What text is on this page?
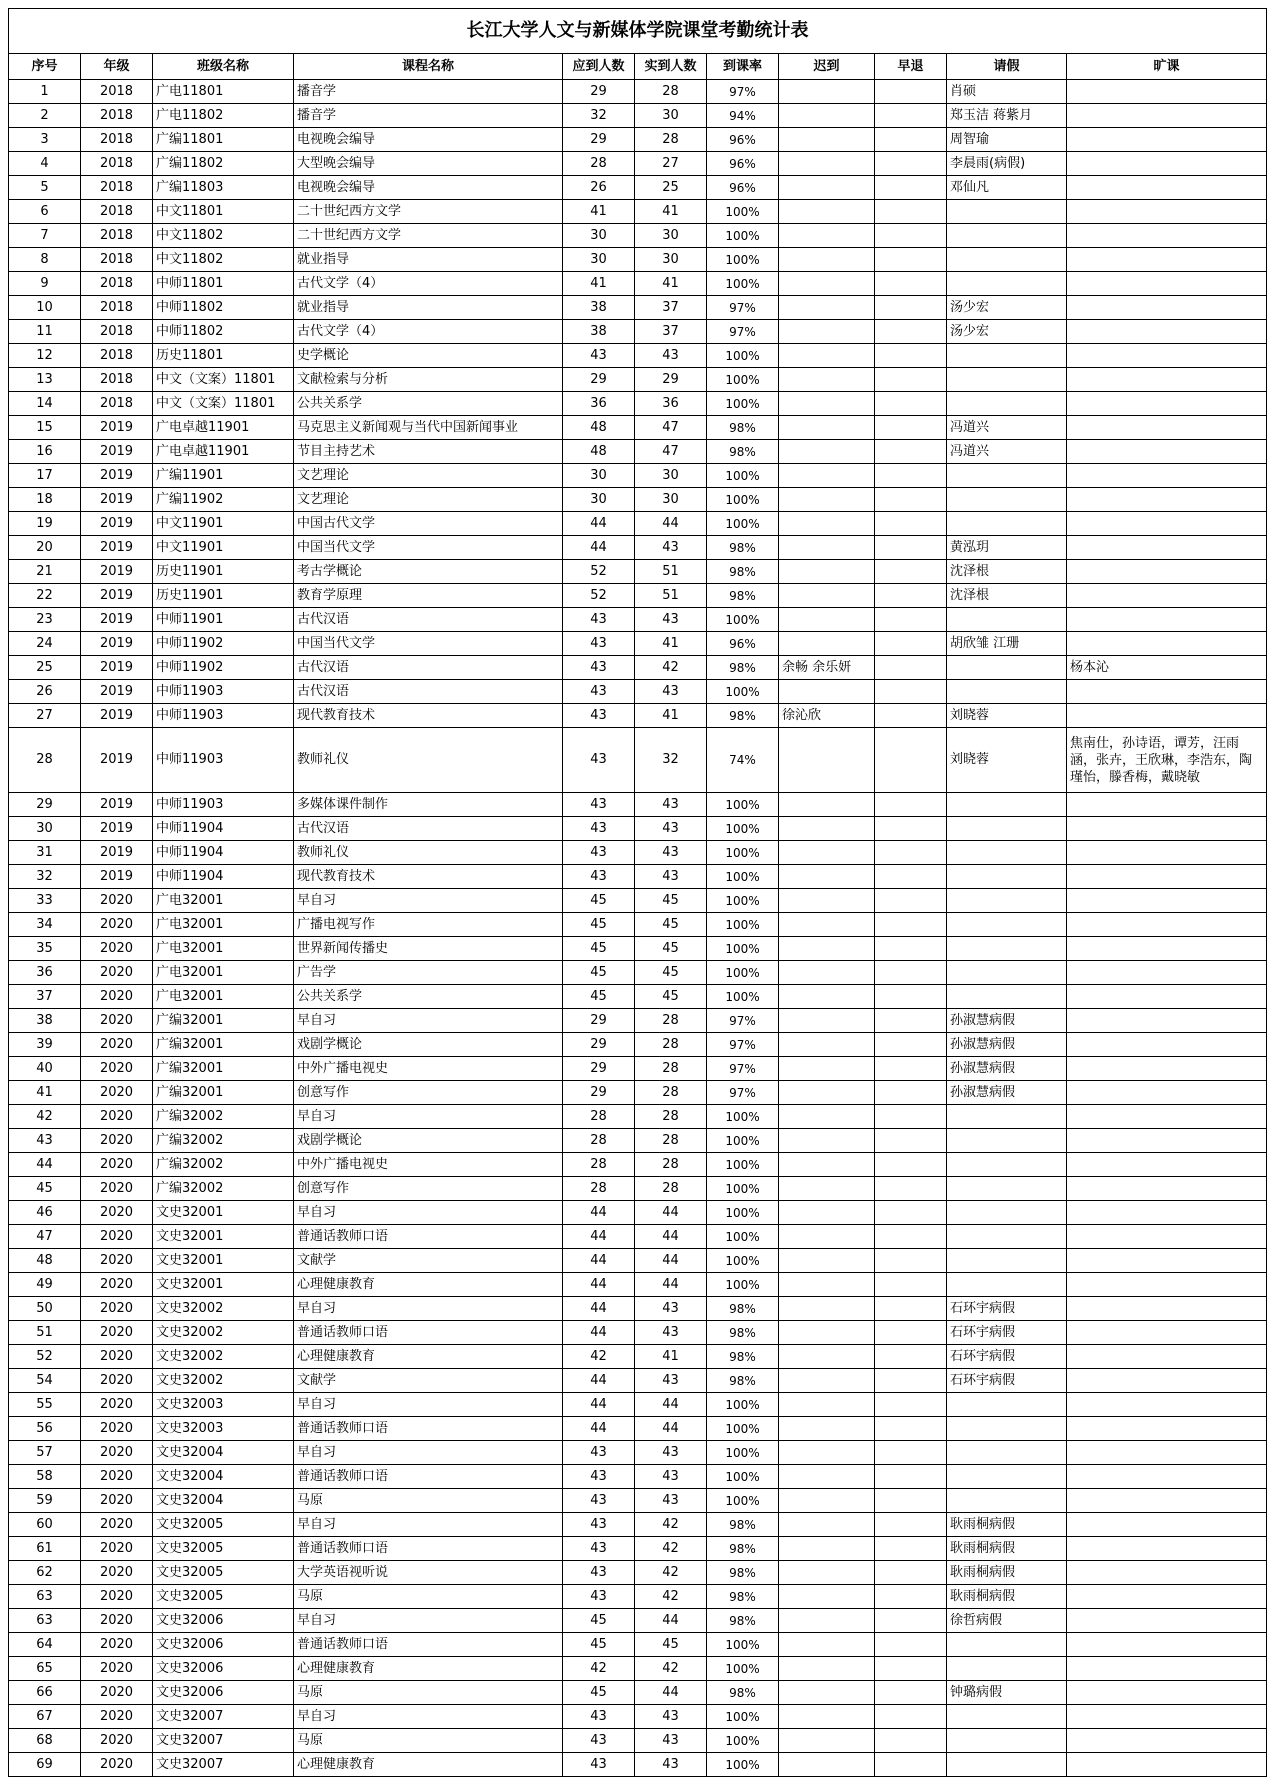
长江大学人文与新媒体学院课堂考勤统计表										
序号	年级	班级名称	课程名称	应到人数	实到人数	到课率	迟到	早退	请假	旷课
1	2018	广电11801	播音学	29	28	97%			肖硕	
2	2018	广电11802	播音学	32	30	94%			郑玉洁 蒋紫月	
3	2018	广编11801	电视晚会编导	29	28	96%			周智瑜	
4	2018	广编11802	大型晚会编导	28	27	96%			李晨雨(病假)	
5	2018	广编11803	电视晚会编导	26	25	96%			邓仙凡	
6	2018	中文11801	二十世纪西方文学	41	41	100%				
7	2018	中文11802	二十世纪西方文学	30	30	100%				
8	2018	中文11802	就业指导	30	30	100%				
9	2018	中师11801	古代文学（4）	41	41	100%				
10	2018	中师11802	就业指导	38	37	97%			汤少宏	
11	2018	中师11802	古代文学（4）	38	37	97%			汤少宏	
12	2018	历史11801	史学概论	43	43	100%				
13	2018	中文（文案）11801	文献检索与分析	29	29	100%				
14	2018	中文（文案）11801	公共关系学	36	36	100%				
15	2019	广电卓越11901	马克思主义新闻观与当代中国新闻事业	48	47	98%			冯道兴	
16	2019	广电卓越11901	节目主持艺术	48	47	98%			冯道兴	
17	2019	广编11901	文艺理论	30	30	100%				
18	2019	广编11902	文艺理论	30	30	100%				
19	2019	中文11901	中国古代文学	44	44	100%				
20	2019	中文11901	中国当代文学	44	43	98%			黄泓玥	
21	2019	历史11901	考古学概论	52	51	98%			沈泽根	
22	2019	历史11901	教育学原理	52	51	98%			沈泽根	
23	2019	中师11901	古代汉语	43	43	100%				
24	2019	中师11902	中国当代文学	43	41	96%			胡欣雏 江珊	
25	2019	中师11902	古代汉语	43	42	98%	余畅 余乐妍			杨本沁
26	2019	中师11903	古代汉语	43	43	100%				
27	2019	中师11903	现代教育技术	43	41	98%	徐沁欣		刘晓蓉	
28	2019	中师11903	教师礼仪	43	32	74%			刘晓蓉	焦南仕，孙诗语，谭芳，汪雨涵，张卉，王欣琳，李浩东，陶瑾怡，滕香梅，戴晓敏
29	2019	中师11903	多媒体课件制作	43	43	100%				
30	2019	中师11904	古代汉语	43	43	100%				
31	2019	中师11904	教师礼仪	43	43	100%				
32	2019	中师11904	现代教育技术	43	43	100%				
33	2020	广电32001	早自习	45	45	100%				
34	2020	广电32001	广播电视写作	45	45	100%				
35	2020	广电32001	世界新闻传播史	45	45	100%				
36	2020	广电32001	广告学	45	45	100%				
37	2020	广电32001	公共关系学	45	45	100%				
38	2020	广编32001	早自习	29	28	97%			孙淑慧病假	
39	2020	广编32001	戏剧学概论	29	28	97%			孙淑慧病假	
40	2020	广编32001	中外广播电视史	29	28	97%			孙淑慧病假	
41	2020	广编32001	创意写作	29	28	97%			孙淑慧病假	
42	2020	广编32002	早自习	28	28	100%				
43	2020	广编32002	戏剧学概论	28	28	100%				
44	2020	广编32002	中外广播电视史	28	28	100%				
45	2020	广编32002	创意写作	28	28	100%				
46	2020	文史32001	早自习	44	44	100%				
47	2020	文史32001	普通话教师口语	44	44	100%				
48	2020	文史32001	文献学	44	44	100%				
49	2020	文史32001	心理健康教育	44	44	100%				
50	2020	文史32002	早自习	44	43	98%			石环宇病假	
51	2020	文史32002	普通话教师口语	44	43	98%			石环宇病假	
52	2020	文史32002	心理健康教育	42	41	98%			石环宇病假	
54	2020	文史32002	文献学	44	43	98%			石环宇病假	
55	2020	文史32003	早自习	44	44	100%				
56	2020	文史32003	普通话教师口语	44	44	100%				
57	2020	文史32004	早自习	43	43	100%				
58	2020	文史32004	普通话教师口语	43	43	100%				
59	2020	文史32004	马原	43	43	100%				
60	2020	文史32005	早自习	43	42	98%			耿雨桐病假	
61	2020	文史32005	普通话教师口语	43	42	98%			耿雨桐病假	
62	2020	文史32005	大学英语视听说	43	42	98%			耿雨桐病假	
63	2020	文史32005	马原	43	42	98%			耿雨桐病假	
63	2020	文史32006	早自习	45	44	98%			徐哲病假	
64	2020	文史32006	普通话教师口语	45	45	100%				
65	2020	文史32006	心理健康教育	42	42	100%				
66	2020	文史32006	马原	45	44	98%			钟璐病假	
67	2020	文史32007	早自习	43	43	100%				
68	2020	文史32007	马原	43	43	100%				
69	2020	文史32007	心理健康教育	43	43	100%				
